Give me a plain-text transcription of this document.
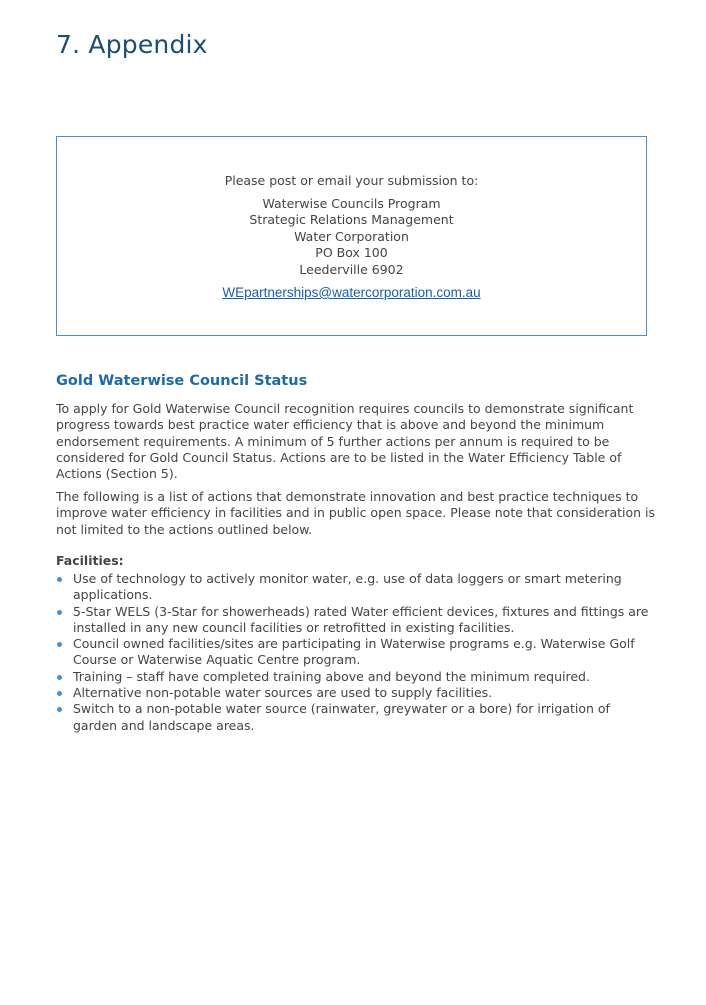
7. Appendix

Please post or email your submission to:

Waterwise Councils Program
Strategic Relations Management
Water Corporation
PO Box 100
Leederville 6902
WEpartnerships@watercorporation.com.au
Gold Waterwise Council Status

To apply for Gold Waterwise Council recognition requires councils to demonstrate significant progress towards best practice water efficiency that is above and beyond the minimum endorsement requirements. A minimum of 5 further actions per annum is required to be considered for Gold Council Status. Actions are to be listed in the Water Efficiency Table of Actions (Section 5).

The following is a list of actions that demonstrate innovation and best practice techniques to improve water efficiency in facilities and in public open space. Please note that consideration is not limited to the actions outlined below.

Facilities:
Use of technology to actively monitor water, e.g. use of data loggers or smart metering applications.
5-Star WELS (3-Star for showerheads) rated Water efficient devices, fixtures and fittings are installed in any new council facilities or retrofitted in existing facilities.
Council owned facilities/sites are participating in Waterwise programs e.g. Waterwise Golf Course or Waterwise Aquatic Centre program.
Training – staff have completed training above and beyond the minimum required.
Alternative non-potable water sources are used to supply facilities.
Switch to a non-potable water source (rainwater, greywater or a bore) for irrigation of garden and landscape areas.
